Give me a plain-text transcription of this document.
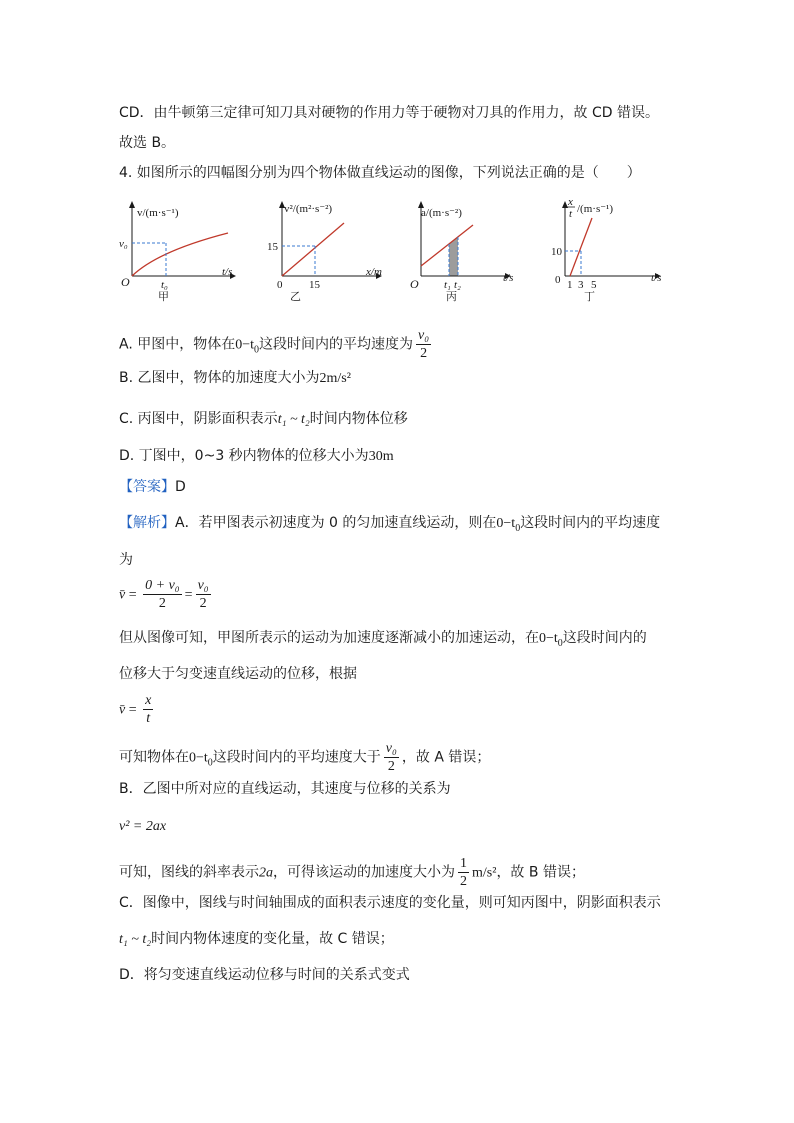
CD．由牛顿第三定律可知刀具对硬物的作用力等于硬物对刀具的作用力，故 CD 错误。
故选 B。
4. 如图所示的四幅图分别为四个物体做直线运动的图像，下列说法正确的是（　　）
v/(m·s⁻¹)
t/s
O
v₀
t₀
甲
v²/(m²·s⁻²)
x/m
0
15
15
乙
a/(m·s⁻²)
t/s
O t₁ t₂
丙
x
t /(m·s⁻¹)
t/s
0
10
1 3 5
丁
A. 甲图中，物体在$0-t_0$这段时间内的平均速度为 $\frac{\text{v₀}}{2}$
B. 乙图中，物体的加速度大小为2m/s²
C. 丙图中，阴影面积表示t₁ ~ t₂时间内物体位移
D. 丁图中，0~3 秒内物体的位移大小为30m
【答案】D
【解析】A．若甲图表示初速度为 0 的匀加速直线运动，则在$0-t_0$这段时间内的平均速度
为
v̄ = $\frac{\text{0 + v₀}}{2} = \frac{\text{v₀}}{2}$
但从图像可知，甲图所表示的运动为加速度逐渐减小的加速运动，在$0-t_0$这段时间内的
位移大于匀变速直线运动的位移，根据
v̄ = $\frac{x}{t}$
可知物体在$0-t_0$这段时间内的平均速度大于 $\frac{\text{v₀}}{2}$ ，故 A 错误；
B．乙图中所对应的直线运动，其速度与位移的关系为
v² = 2ax
可知，图线的斜率表示2a，可得该运动的加速度大小为 $\frac{1}{2} m/s^2$，故 B 错误；
C．图像中，图线与时间轴围成的面积表示速度的变化量，则可知丙图中，阴影面积表示
t₁ ~ t₂时间内物体速度的变化量，故 C 错误；
D．将匀变速直线运动位移与时间的关系式变式
